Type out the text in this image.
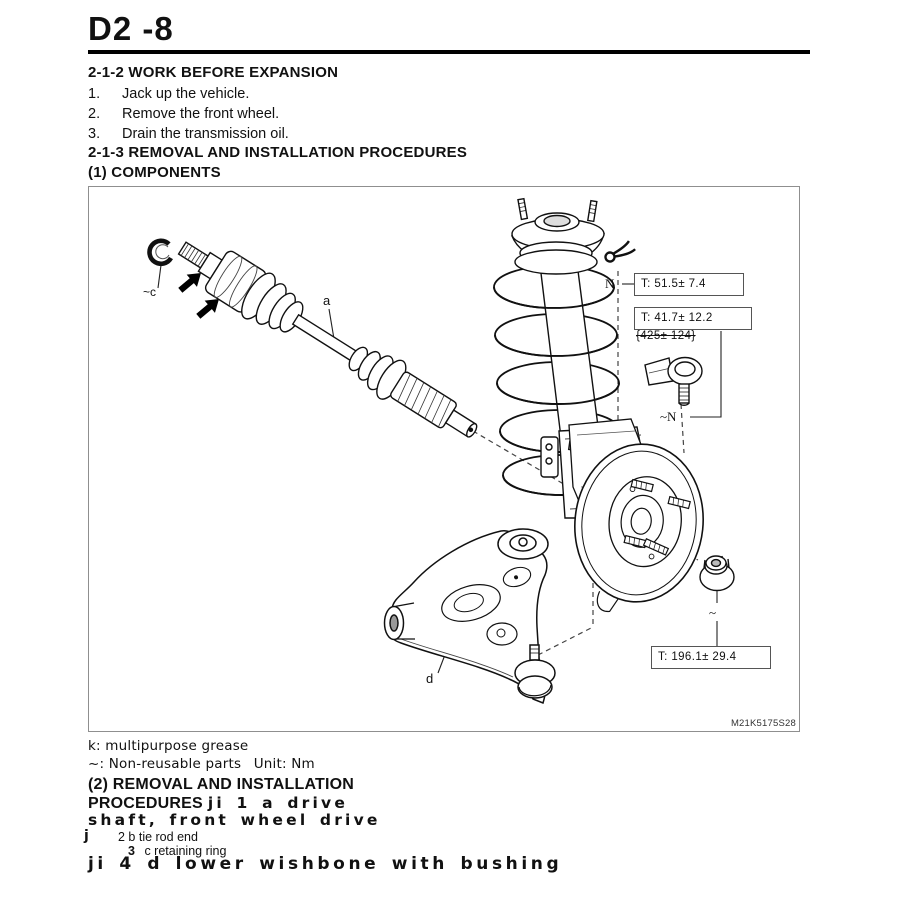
D2 -8
2-1-2 WORK BEFORE EXPANSION
1. Jack up the vehicle.
2. Remove the front wheel.
3. Drain the transmission oil.
2-1-3 REMOVAL AND INSTALLATION PROCEDURES
(1) COMPONENTS
T: 51.5± 7.4
T: 41.7± 12.2
{425± 124}
T: 196.1± 29.4
N
~N
~
~c
a
d
M21K5175S28
k: multipurpose grease
~: Non-reusable parts Unit: Nm
(2) REMOVAL AND INSTALLATION
PROCEDURES ji 1 a drive
shaft, front wheel drive
j 2 b tie rod end
3 c retaining ring
ji 4 d lower wishbone with bushing
